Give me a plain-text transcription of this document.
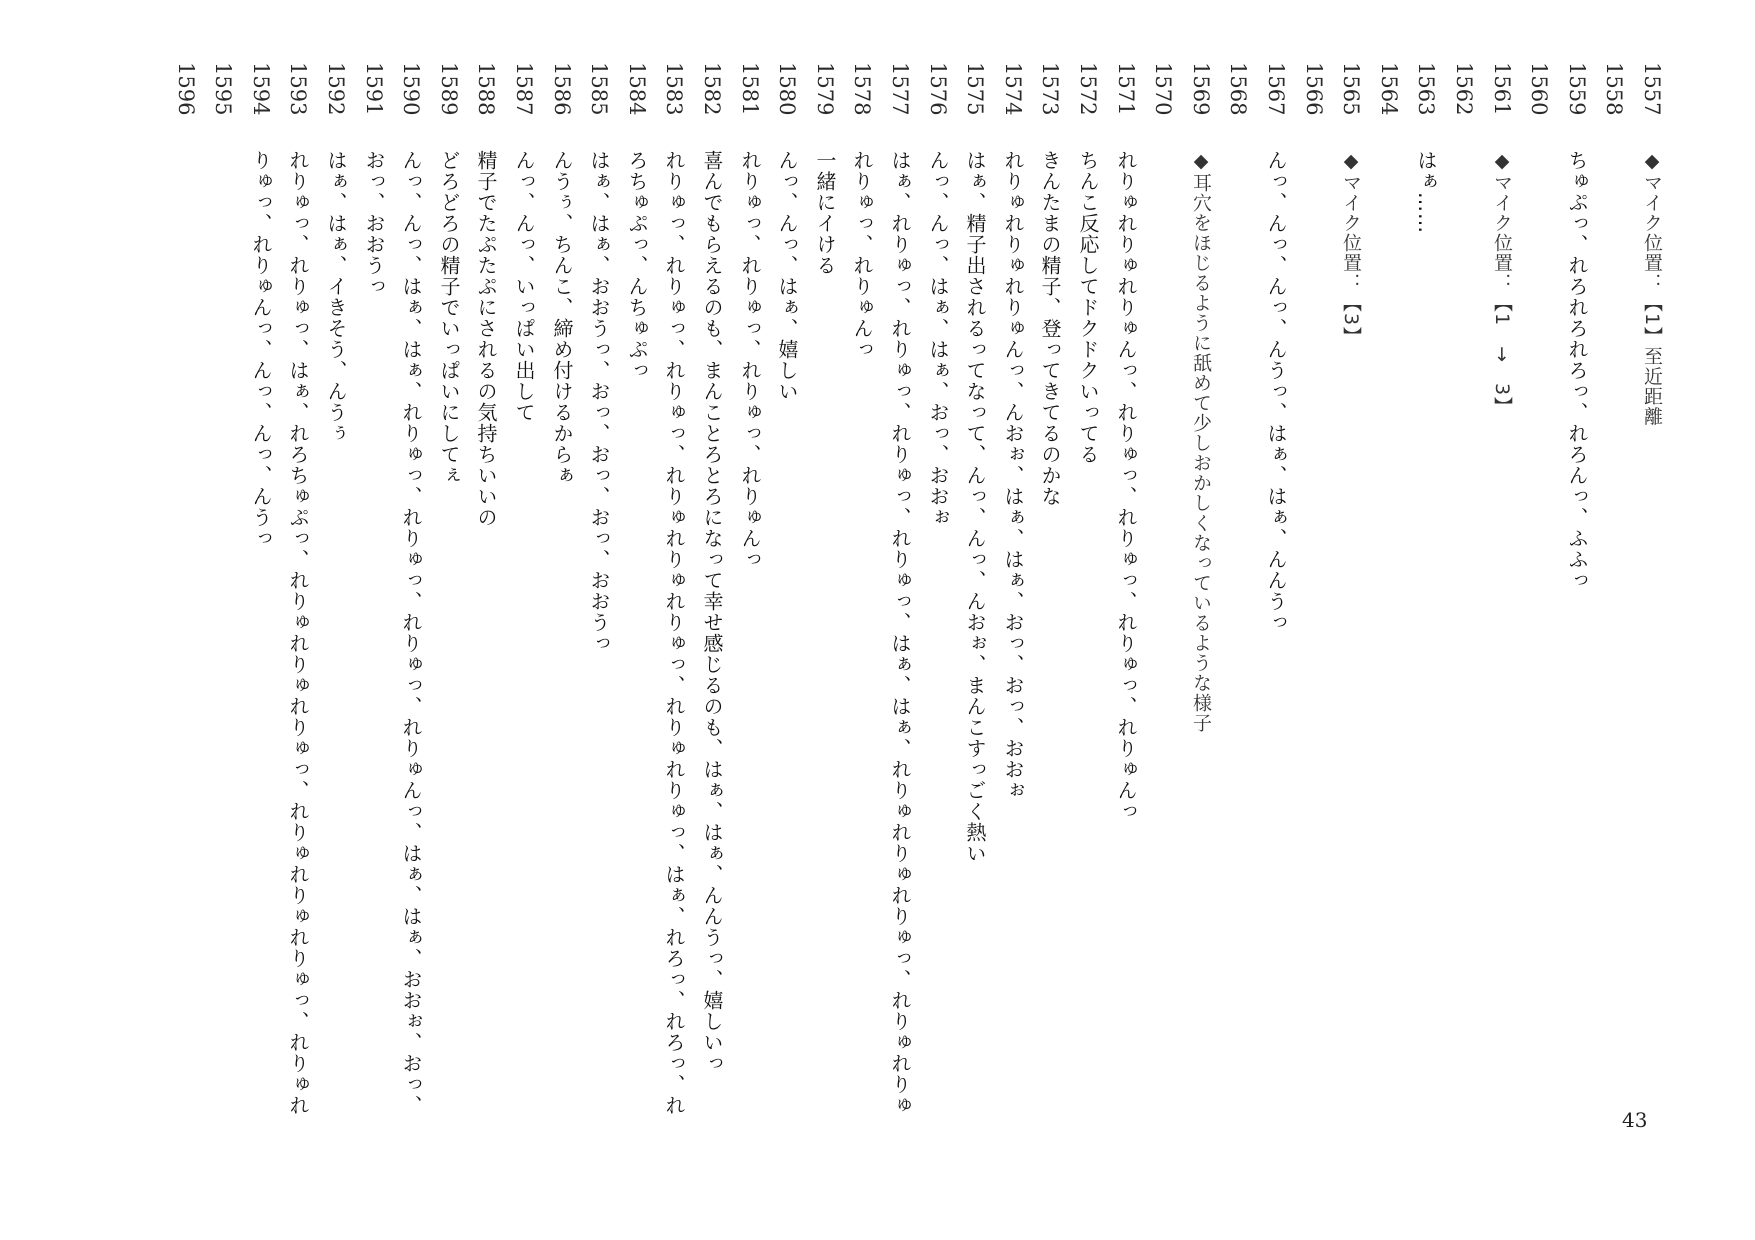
1557
◆マイク位置：【1】至近距離
1558
1559
ちゅぷっ、れろれろれろっ、れろんっ、ふふっ
1560
1561
◆マイク位置：【1　→　3】
1562
1563
はぁ……
1564
1565
◆マイク位置：【3】
1566
1567
んっ、んっ、んっ、んうっ、はぁ、はぁ、んんうっ
1568
1569
◆耳穴をほじるように舐めて少しおかしくなっているような様子
1570
1571
れりゅれりゅれりゅんっ、れりゅっ、れりゅっ、れりゅっ、れりゅんっ
1572
ちんこ反応してドクドクいってる
1573
きんたまの精子、登ってきてるのかな
1574
れりゅれりゅれりゅんっ、んおぉ、はぁ、はぁ、おっ、おっ、おおぉ
1575
はぁ、精子出されるってなって、んっ、んっ、んおぉ、まんこすっごく熱い
1576
んっ、んっ、はぁ、はぁ、おっ、おおぉ
1577
はぁ、れりゅっ、れりゅっ、れりゅっ、れりゅっ、はぁ、はぁ、れりゅれりゅれりゅっ、れりゅれりゅ
1578
れりゅっ、れりゅんっ
1579
一緒にイける
1580
んっ、んっ、はぁ、嬉しい
1581
れりゅっ、れりゅっ、れりゅっ、れりゅんっ
1582
喜んでもらえるのも、まんことろとろになって幸せ感じるのも、はぁ、はぁ、んんうっ、嬉しいっ
1583
れりゅっ、れりゅっ、れりゅっ、れりゅれりゅれりゅっ、れりゅれりゅっ、はぁ、れろっ、れろっ、れ
1584
ろちゅぷっ、んちゅぷっ
1585
はぁ、はぁ、おおうっ、おっ、おっ、おっ、おおうっ
1586
んうぅ、ちんこ、締め付けるからぁ
1587
んっ、んっ、いっぱい出して
1588
精子でたぷたぷにされるの気持ちいいの
1589
どろどろの精子でいっぱいにしてぇ
1590
んっ、んっ、はぁ、はぁ、れりゅっ、れりゅっ、れりゅっ、れりゅんっ、はぁ、はぁ、おおぉ、おっ、
1591
おっ、おおうっ
1592
はぁ、はぁ、イきそう、んうぅ
1593
れりゅっ、れりゅっ、はぁ、れろちゅぷっ、れりゅれりゅれりゅっ、れりゅれりゅれりゅっ、れりゅれ
1594
りゅっ、れりゅんっ、んっ、んっ、んうっ
1595
1596
43
